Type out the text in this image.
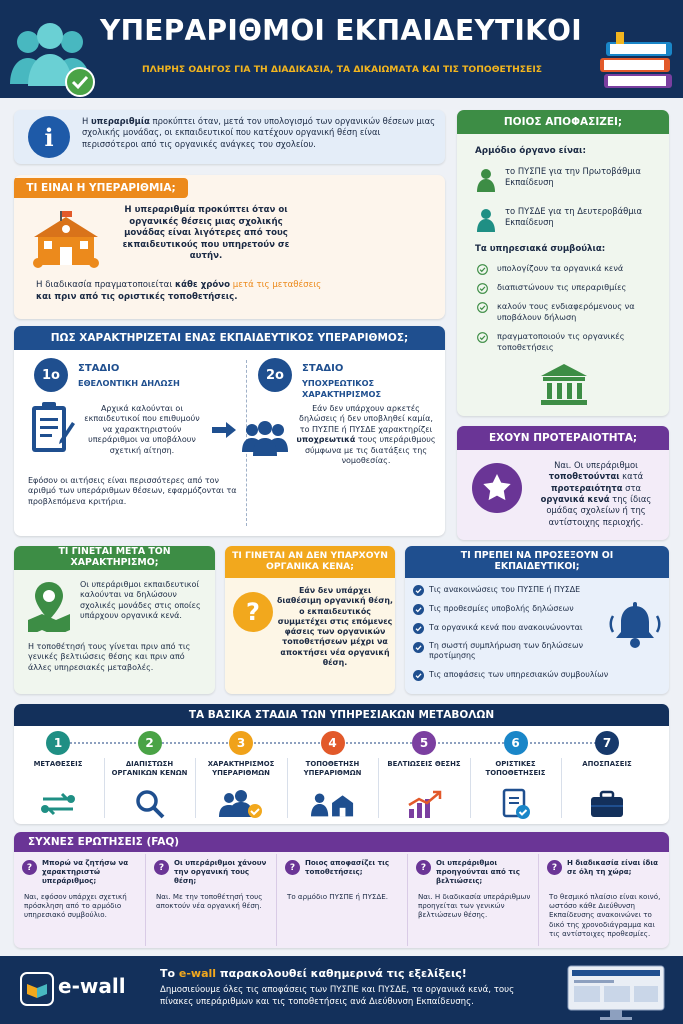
ΥΠΕΡΑΡΙΘΜΟΙ ΕΚΠΑΙΔΕΥΤΙΚΟΙ
ΠΛΗΡΗΣ ΟΔΗΓΟΣ ΓΙΑ ΤΗ ΔΙΑΔΙΚΑΣΙΑ, ΤΑ ΔΙΚΑΙΩΜΑΤΑ ΚΑΙ ΤΙΣ ΤΟΠΟΘΕΤΗΣΕΙΣ
i
Η υπεραριθμία προκύπτει όταν, μετά τον υπολογισμό των οργανικών θέσεων μιας σχολικής μονάδας, οι εκπαιδευτικοί που κατέχουν οργανική θέση είναι περισσότεροι από τις οργανικές ανάγκες του σχολείου.
ΤΙ ΕΙΝΑΙ Η ΥΠΕΡΑΡΙΘΜΙΑ;
Η υπεραριθμία προκύπτει όταν οι οργανικές θέσεις μιας σχολικής μονάδας είναι λιγότερες από τους εκπαιδευτικούς που υπηρετούν σε αυτήν.
Η διαδικασία πραγματοποιείται κάθε χρόνο μετά τις μεταθέσεις
και πριν από τις οριστικές τοποθετήσεις.
ΠΟΙΟΣ ΑΠΟΦΑΣΙΖΕΙ;
Αρμόδιο όργανο είναι:
το ΠΥΣΠΕ για την Πρωτοβάθμια Εκπαίδευση
το ΠΥΣΔΕ για τη Δευτεροβάθμια Εκπαίδευση
Τα υπηρεσιακά συμβούλια:
υπολογίζουν τα οργανικά κενά
διαπιστώνουν τις υπεραριθμίες
καλούν τους ενδιαφερόμενους να υποβάλουν δήλωση
πραγματοποιούν τις οργανικές τοποθετήσεις
ΕΧΟΥΝ ΠΡΟΤΕΡΑΙΟΤΗΤΑ;
Ναι. Οι υπεράριθμοι
τοποθετούνται κατά
προτεραιότητα στα
οργανικά κενά της ίδιας
ομάδας σχολείων ή της
αντίστοιχης περιοχής.
ΠΩΣ ΧΑΡΑΚΤΗΡΙΖΕΤΑΙ ΕΝΑΣ ΕΚΠΑΙΔΕΥΤΙΚΟΣ ΥΠΕΡΑΡΙΘΜΟΣ;
1ο	ΣΤΑΔΙΟ
ΕΘΕΛΟΝΤΙΚΗ ΔΗΛΩΣΗ
Αρχικά καλούνται οι εκπαιδευτικοί που επιθυμούν να χαρακτηριστούν υπεράριθμοι να υποβάλουν σχετική αίτηση.
Εφόσον οι αιτήσεις είναι περισσότερες από τον αριθμό των υπεράριθμων θέσεων, εφαρμόζονται τα προβλεπόμενα κριτήρια.
2ο	ΣΤΑΔΙΟ
ΥΠΟΧΡΕΩΤΙΚΟΣ ΧΑΡΑΚΤΗΡΙΣΜΟΣ
Εάν δεν υπάρχουν αρκετές δηλώσεις ή δεν υποβληθεί καμία, το ΠΥΣΠΕ ή ΠΥΣΔΕ χαρακτηρίζει υποχρεωτικά τους υπεράριθμους σύμφωνα με τις διατάξεις της νομοθεσίας.
ΤΙ ΓΙΝΕΤΑΙ ΜΕΤΑ ΤΟΝ ΧΑΡΑΚΤΗΡΙΣΜΟ;
Οι υπεράριθμοι εκπαιδευτικοί καλούνται να δηλώσουν σχολικές μονάδες στις οποίες υπάρχουν οργανικά κενά.
Η τοποθέτησή τους γίνεται πριν από τις γενικές βελτιώσεις θέσης και πριν από άλλες υπηρεσιακές μεταβολές.
ΤΙ ΓΙΝΕΤΑΙ ΑΝ ΔΕΝ ΥΠΑΡΧΟΥΝ ΟΡΓΑΝΙΚΑ ΚΕΝΑ;
?
Εάν δεν υπάρχει διαθέσιμη οργανική θέση, ο εκπαιδευτικός συμμετέχει στις επόμενες φάσεις των οργανικών τοποθετήσεων μέχρι να αποκτήσει νέα οργανική θέση.
ΤΙ ΠΡΕΠΕΙ ΝΑ ΠΡΟΣΕΞΟΥΝ ΟΙ ΕΚΠΑΙΔΕΥΤΙΚΟΙ;
Τις ανακοινώσεις του ΠΥΣΠΕ ή ΠΥΣΔΕ
Τις προθεσμίες υποβολής δηλώσεων
Τα οργανικά κενά που ανακοινώνονται
Τη σωστή συμπλήρωση των δηλώσεων προτίμησης
Τις αποφάσεις των υπηρεσιακών συμβουλίων
ΤΑ ΒΑΣΙΚΑ ΣΤΑΔΙΑ ΤΩΝ ΥΠΗΡΕΣΙΑΚΩΝ ΜΕΤΑΒΟΛΩΝ
1
ΜΕΤΑΘΕΣΕΙΣ
2
ΔΙΑΠΙΣΤΩΣΗ ΟΡΓΑΝΙΚΩΝ ΚΕΝΩΝ
3
ΧΑΡΑΚΤΗΡΙΣΜΟΣ ΥΠΕΡΑΡΙΘΜΩΝ
4
ΤΟΠΟΘΕΤΗΣΗ ΥΠΕΡΑΡΙΘΜΩΝ
5
ΒΕΛΤΙΩΣΕΙΣ ΘΕΣΗΣ
6
ΟΡΙΣΤΙΚΕΣ ΤΟΠΟΘΕΤΗΣΕΙΣ
7
ΑΠΟΣΠΑΣΕΙΣ
ΣΥΧΝΕΣ ΕΡΩΤΗΣΕΙΣ (FAQ)
?	Μπορώ να ζητήσω να χαρακτηριστώ υπεράριθμος;
Ναι, εφόσον υπάρχει σχετική πρόσκληση από το αρμόδιο υπηρεσιακό συμβούλιο.
?	Οι υπεράριθμοι χάνουν την οργανική τους θέση;
Ναι. Με την τοποθέτησή τους αποκτούν νέα οργανική θέση.
?	Ποιος αποφασίζει τις τοποθετήσεις;
Το αρμόδιο ΠΥΣΠΕ ή ΠΥΣΔΕ.
?	Οι υπεράριθμοι προηγούνται από τις βελτιώσεις;
Ναι. Η διαδικασία υπεράριθμων προηγείται των γενικών βελτιώσεων θέσης.
?	Η διαδικασία είναι ίδια σε όλη τη χώρα;
Το θεσμικό πλαίσιο είναι κοινό, ωστόσο κάθε Διεύθυνση Εκπαίδευσης ανακοινώνει το δικό της χρονοδιάγραμμα και τις αντίστοιχες προθεσμίες.
e-wall
Το e-wall παρακολουθεί καθημερινά τις εξελίξεις!
Δημοσιεύουμε όλες τις αποφάσεις των ΠΥΣΠΕ και ΠΥΣΔΕ, τα οργανικά κενά, τους πίνακες υπεράριθμων και τις τοποθετήσεις ανά Διεύθυνση Εκπαίδευσης.
